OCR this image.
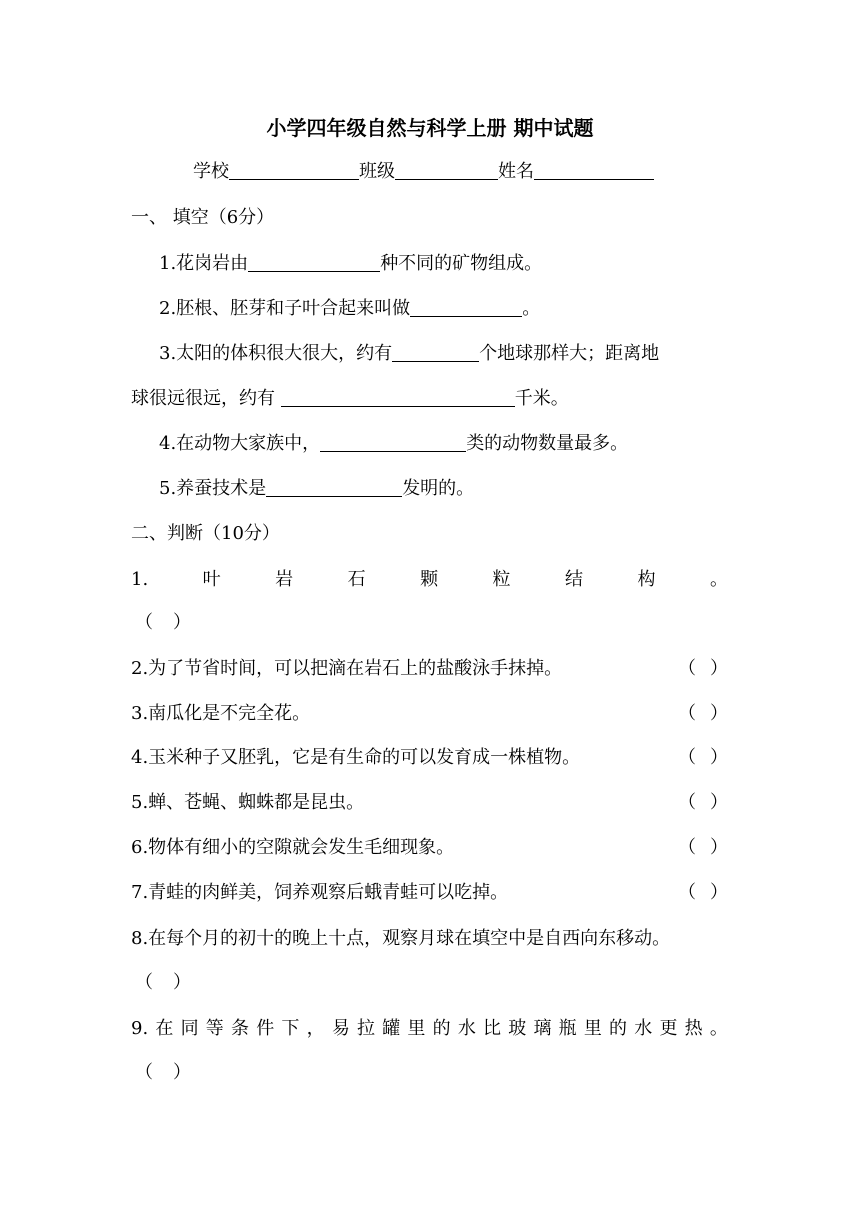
小学四年级自然与科学上册 期中试题
学校	班级	姓名
一、 填空（6分）
1.花岗岩由	种不同的矿物组成。
2.胚根、胚芽和子叶合起来叫做	。
3.太阳的体积很大很大，约有	个地球那样大；距离地
球很远很远，约有	千米。
4.在动物大家族中，	类的动物数量最多。
5.养蚕技术是	发明的。
二、判断（10分）
1.	叶	岩	石	颗	粒	结	构	。
（ ）
2.为了节省时间，可以把滴在岩石上的盐酸泳手抹掉。	（ ）
3.南瓜化是不完全花。	（ ）
4.玉米种子又胚乳，它是有生命的可以发育成一株植物。	（ ）
5.蝉、苍蝇、蜘蛛都是昆虫。	（ ）
6.物体有细小的空隙就会发生毛细现象。	（ ）
7.青蛙的肉鲜美，饲养观察后蛾青蛙可以吃掉。	（ ）
8.在每个月的初十的晚上十点，观察月球在填空中是自西向东移动。
（ ）
9. 在 同 等 条 件 下 ， 易 拉 罐 里 的 水 比 玻 璃 瓶 里 的 水 更 热 。
（ ）
